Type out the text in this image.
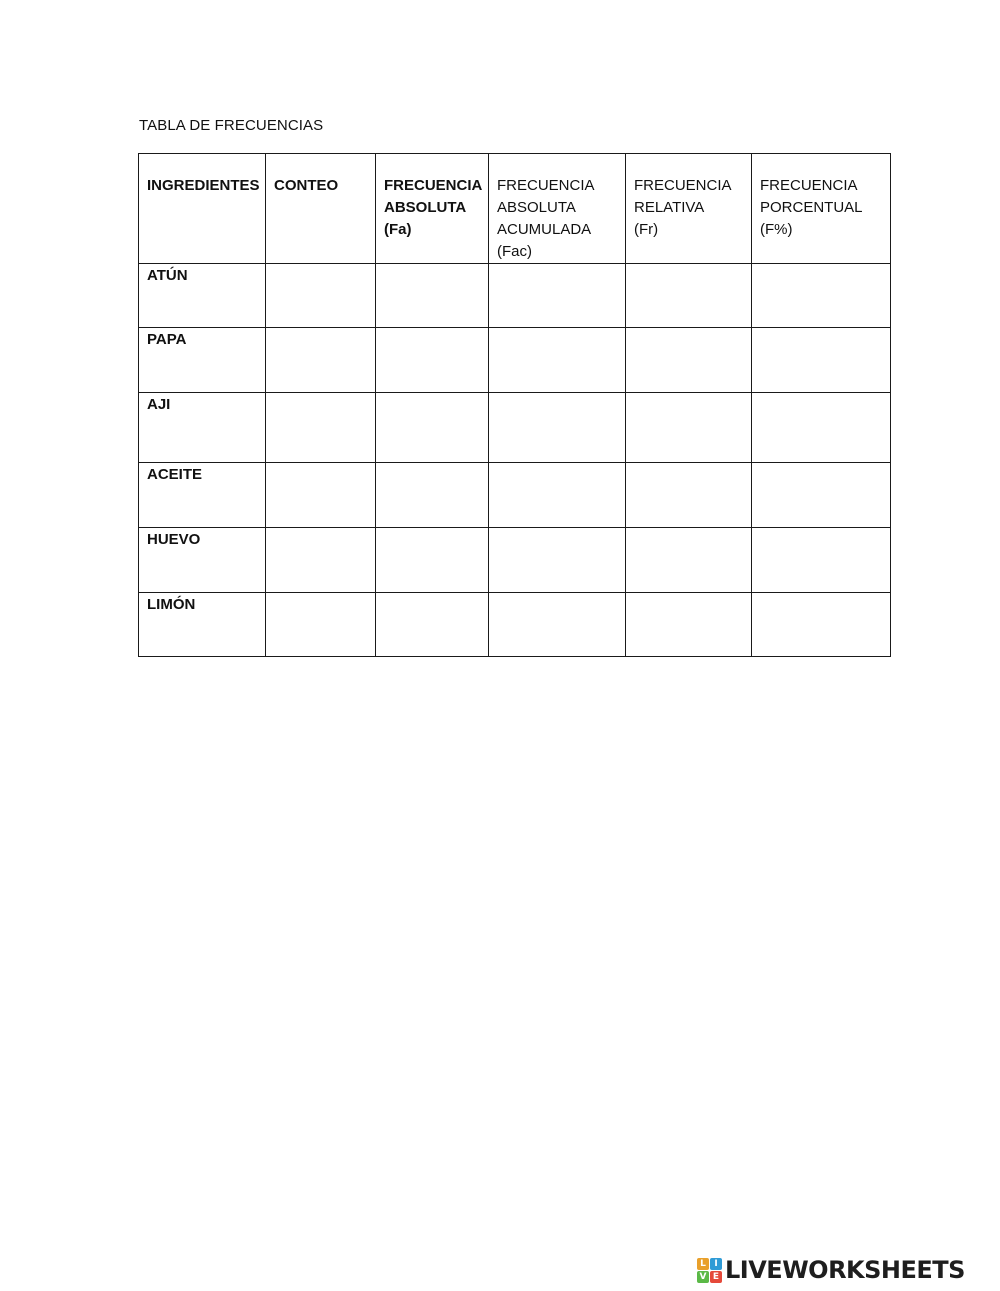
TABLA DE FRECUENCIAS
INGREDIENTES	CONTEO	FRECUENCIA
ABSOLUTA
(Fa)	FRECUENCIA
ABSOLUTA
ACUMULADA
(Fac)	FRECUENCIA
RELATIVA
(Fr)	FRECUENCIA
PORCENTUAL
(F%)
ATÚN					
PAPA					
AJI					
ACEITE					
HUEVO					
LIMÓN					
L I
V E LIVEWORKSHEETS
